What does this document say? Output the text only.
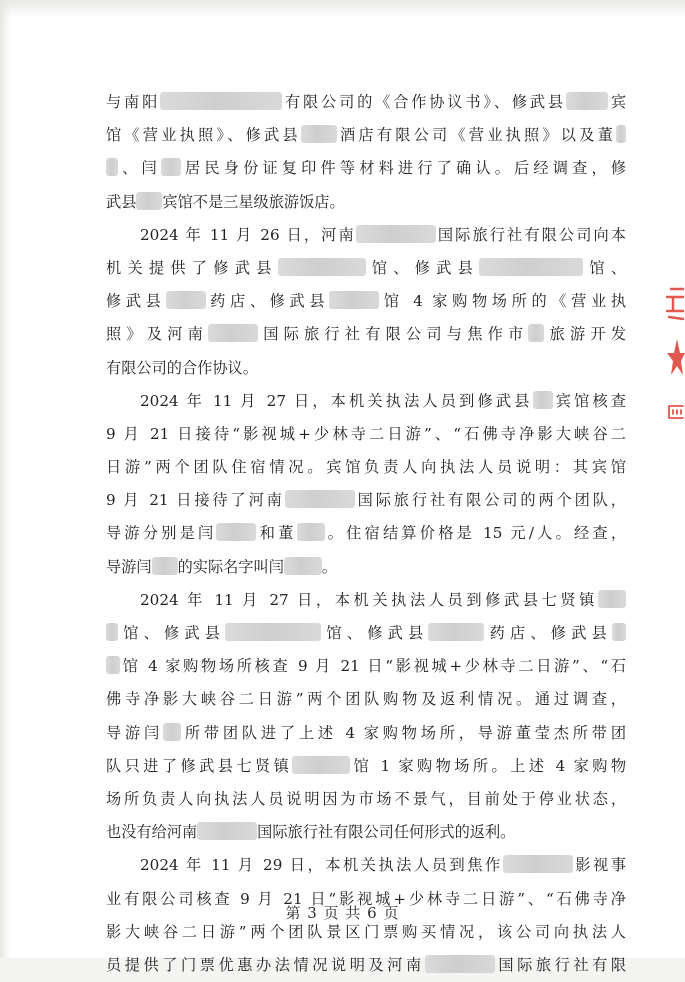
与南阳	有限公司的《合作协议书》、修武县	宾
馆《营业执照》、修武县 酒店有限公司《营业执照》以及董
、闫 居民身份证复印件等材料进行了确认。后经调查，修
武县 宾馆不是三星级旅游饭店。
2024 年 11 月 26 日，河南	国际旅行社有限公司向本
机关提供了修武县	馆、修武县	馆、
修武县	药店、修武县	馆 4 家购物场所的《营业执
照》及河南	国际旅行社有限公司与焦作市 旅游开发
有限公司的合作协议。
2024 年 11 月 27 日，本机关执法人员到修武县 宾馆核查
9 月 21 日接待“影视城+少林寺二日游”、“石佛寺净影大峡谷二
日游”两个团队住宿情况。宾馆负责人向执法人员说明：其宾馆
9 月 21 日接待了河南	国际旅行社有限公司的两个团队，
导游分别是闫	和董 。住宿结算价格是 15 元/人。经查，
导游闫 的实际名字叫闫	。
2024 年 11 月 27 日，本机关执法人员到修武县七贤镇
馆、修武县	馆、修武县	药店、修武县
馆 4 家购物场所核查 9 月 21 日“影视城+少林寺二日游”、“石
佛寺净影大峡谷二日游”两个团队购物及返利情况。通过调查，
导游闫 所带团队进了上述 4 家购物场所，导游董莹杰所带团
队只进了修武县七贤镇	馆 1 家购物场所。上述 4 家购物
场所负责人向执法人员说明因为市场不景气，目前处于停业状态，
也没有给河南	国际旅行社有限公司任何形式的返利。
2024 年 11 月 29 日，本机关执法人员到焦作	影视事
业有限公司核查 9 月 21 日“影视城+少林寺二日游”、“石佛寺净
影大峡谷二日游”两个团队景区门票购买情况，该公司向执法人
员提供了门票优惠办法情况说明及河南	国际旅行社有限
第 3 页 共 6 页
